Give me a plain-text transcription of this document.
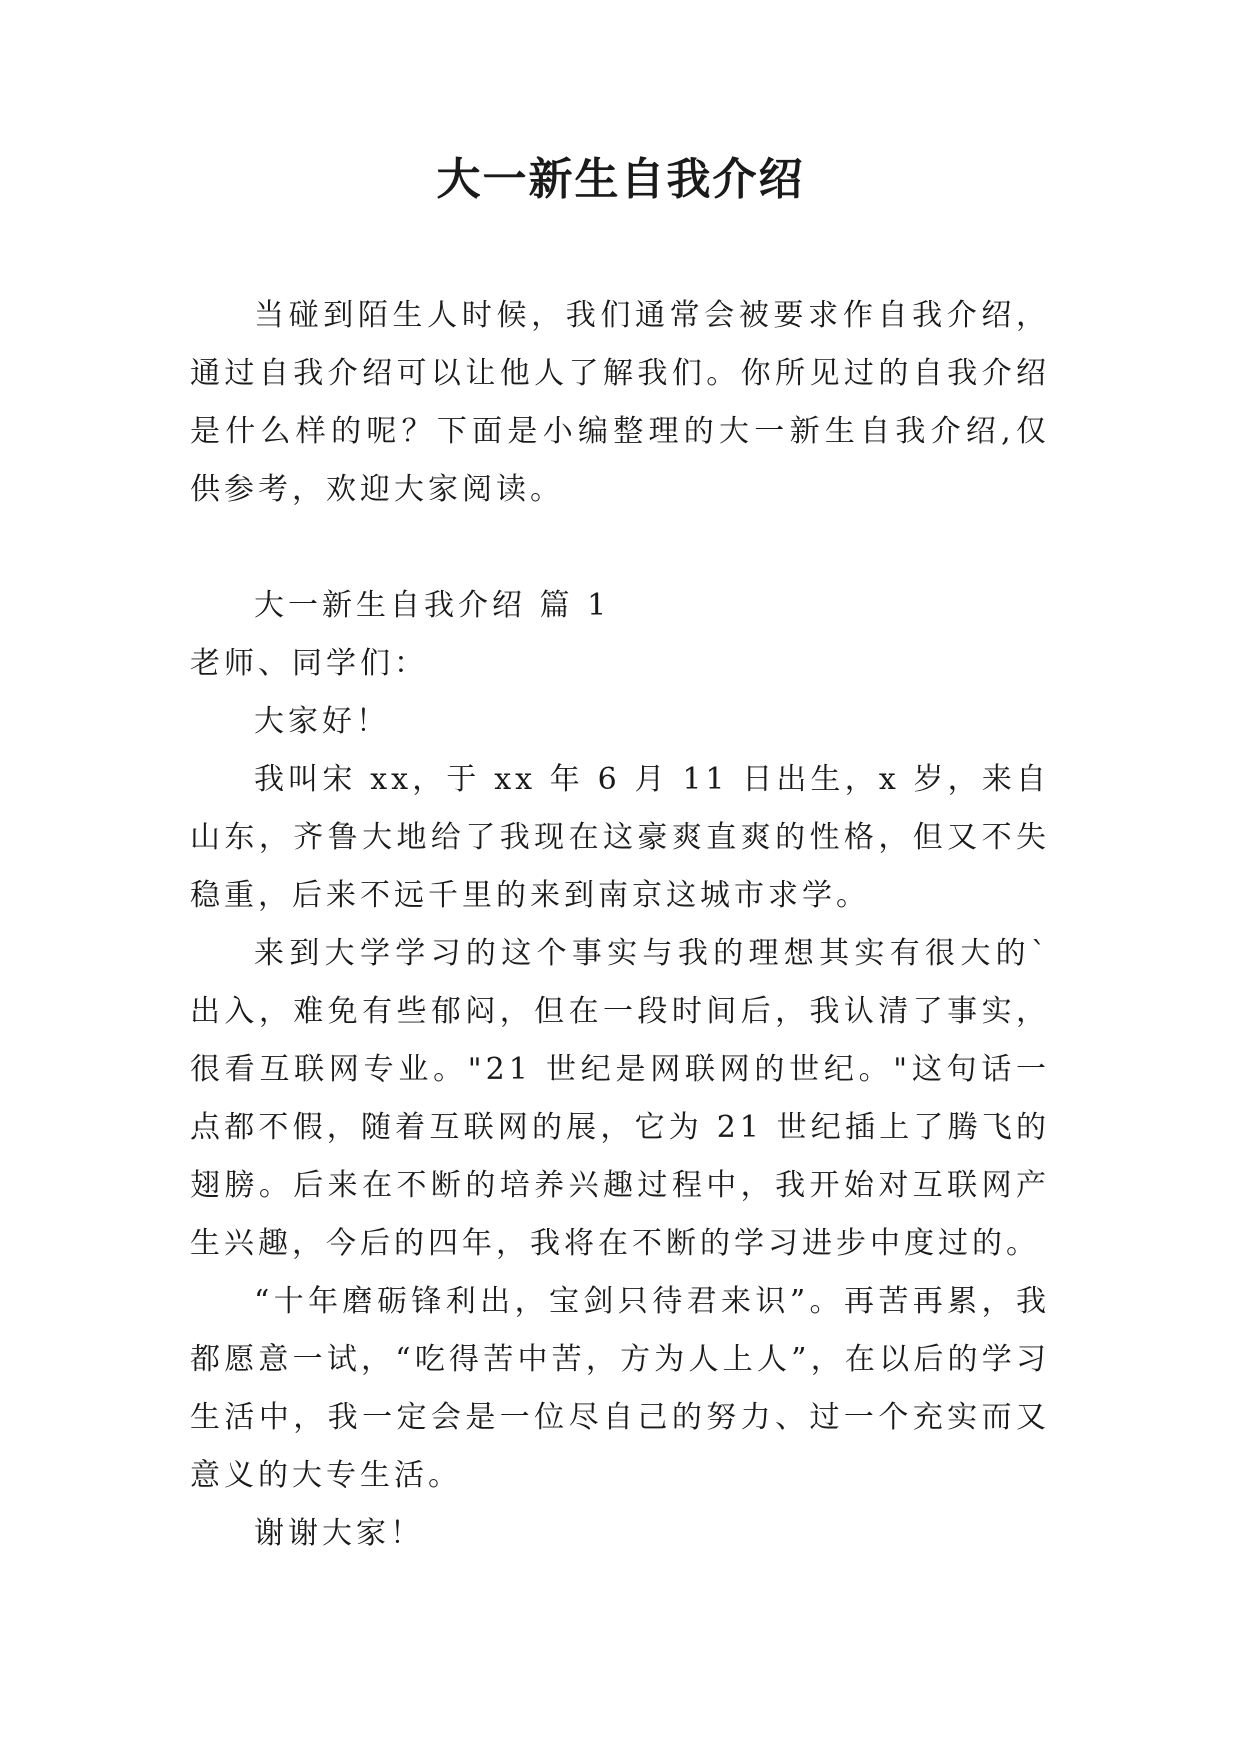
大一新生自我介绍

当碰到陌生人时候，我们通常会被要求作自我介绍，通过自我介绍可以让他人了解我们。你所见过的自我介绍是什么样的呢？下面是小编整理的大一新生自我介绍,仅供参考，欢迎大家阅读。

大一新生自我介绍 篇 1

老师、同学们：

大家好！

我叫宋 xx，于 xx 年 6 月 11 日出生，x 岁，来自山东，齐鲁大地给了我现在这豪爽直爽的性格，但又不失稳重，后来不远千里的来到南京这城市求学。

来到大学学习的这个事实与我的理想其实有很大的`出入，难免有些郁闷，但在一段时间后，我认清了事实，很看互联网专业。"21 世纪是网联网的世纪。"这句话一点都不假，随着互联网的展，它为 21 世纪插上了腾飞的翅膀。后来在不断的培养兴趣过程中，我开始对互联网产生兴趣，今后的四年，我将在不断的学习进步中度过的。

“十年磨砺锋利出，宝剑只待君来识”。再苦再累，我都愿意一试，“吃得苦中苦，方为人上人”，在以后的学习生活中，我一定会是一位尽自己的努力、过一个充实而又意义的大专生活。

谢谢大家！
